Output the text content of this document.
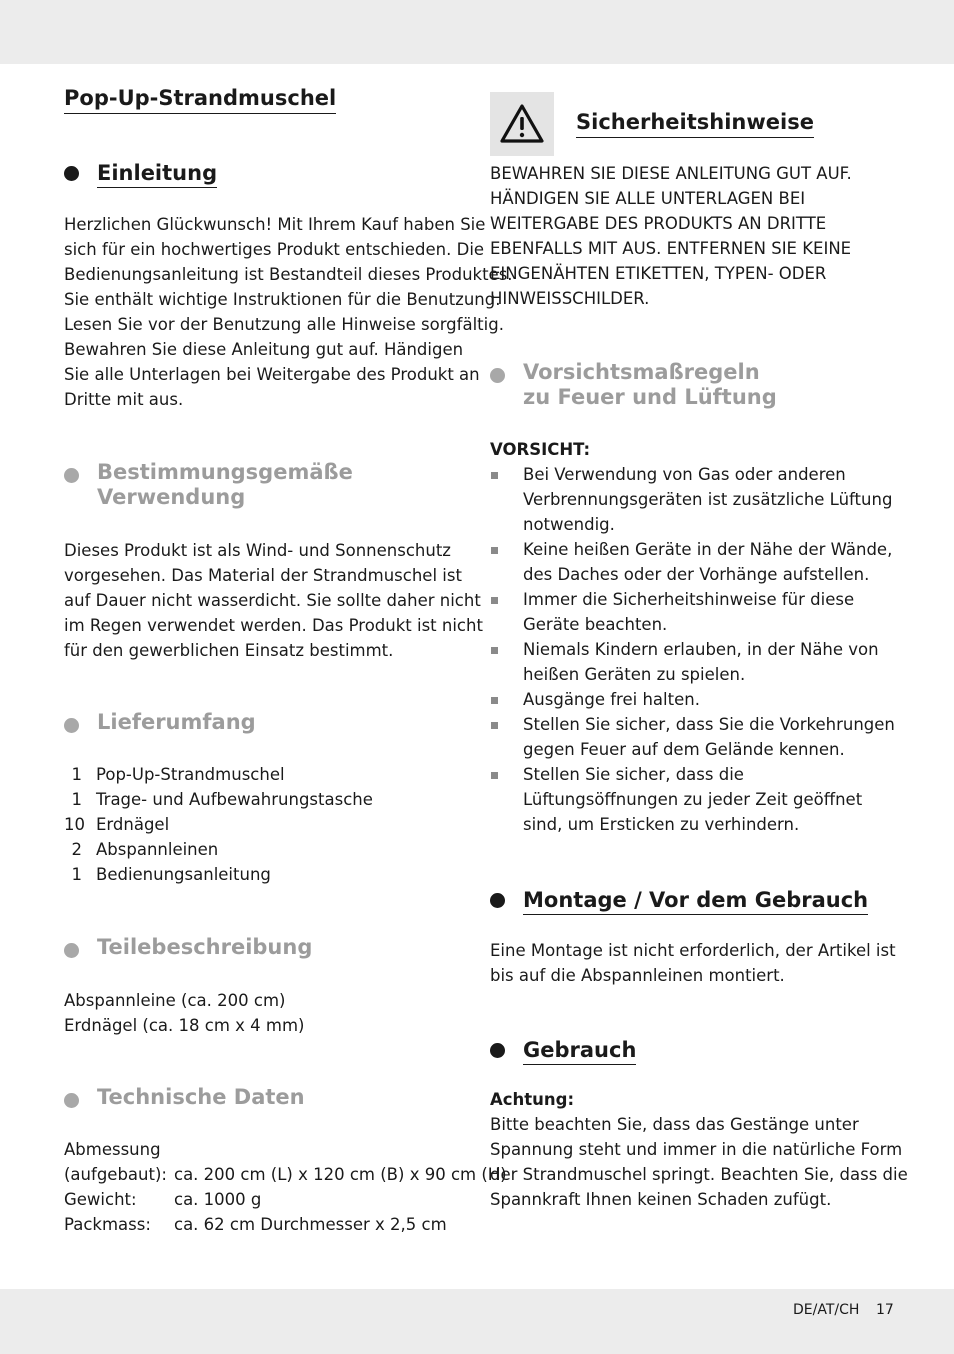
Pop-Up-Strandmuschel
Einleitung

Herzlichen Glückwunsch! Mit Ihrem Kauf haben Sie
sich für ein hochwertiges Produkt entschieden. Die
Bedienungsanleitung ist Bestandteil dieses Produktes.
Sie enthält wichtige Instruktionen für die Benutzung.
Lesen Sie vor der Benutzung alle Hinweise sorgfältig.
Bewahren Sie diese Anleitung gut auf. Händigen
Sie alle Unterlagen bei Weitergabe des Produkt an
Dritte mit aus.

Bestimmungsgemäße
Verwendung

Dieses Produkt ist als Wind- und Sonnenschutz
vorgesehen. Das Material der Strandmuschel ist
auf Dauer nicht wasserdicht. Sie sollte daher nicht
im Regen verwendet werden. Das Produkt ist nicht
für den gewerblichen Einsatz bestimmt.

Lieferumfang
1 Pop-Up-Strandmuschel
1 Trage- und Aufbewahrungstasche
10 Erdnägel
2 Abspannleinen
1 Bedienungsanleitung
Teilebeschreibung

Abspannleine (ca. 200 cm)
Erdnägel (ca. 18 cm x 4 mm)

Technische Daten
Abmessung
(aufgebaut): ca. 200 cm (L) x 120 cm (B) x 90 cm (H)
Gewicht: ca. 1000 g
Packmass: ca. 62 cm Durchmesser x 2,5 cm
Sicherheitshinweise

BEWAHREN SIE DIESE ANLEITUNG GUT AUF.
HÄNDIGEN SIE ALLE UNTERLAGEN BEI
WEITERGABE DES PRODUKTS AN DRITTE
EBENFALLS MIT AUS. ENTFERNEN SIE KEINE
EINGENÄHTEN ETIKETTEN, TYPEN- ODER
HINWEISSCHILDER.

Vorsichtsmaßregeln
zu Feuer und Lüftung

VORSICHT:

Bei Verwendung von Gas oder anderen Verbrennungsgeräten ist zusätzliche Lüftung notwendig.
Keine heißen Geräte in der Nähe der Wände, des Daches oder der Vorhänge aufstellen.
Immer die Sicherheitshinweise für diese Geräte beachten.
Niemals Kindern erlauben, in der Nähe von heißen Geräten zu spielen.
Ausgänge frei halten.
Stellen Sie sicher, dass Sie die Vorkehrungen gegen Feuer auf dem Gelände kennen.
Stellen Sie sicher, dass die Lüftungsöffnungen zu jeder Zeit geöffnet sind, um Ersticken zu verhindern.
Montage / Vor dem Gebrauch

Eine Montage ist nicht erforderlich, der Artikel ist
bis auf die Abspannleinen montiert.

Gebrauch

Achtung:

Bitte beachten Sie, dass das Gestänge unter
Spannung steht und immer in die natürliche Form
der Strandmuschel springt. Beachten Sie, dass die
Spannkraft Ihnen keinen Schaden zufügt.

DE/AT/CH 17
